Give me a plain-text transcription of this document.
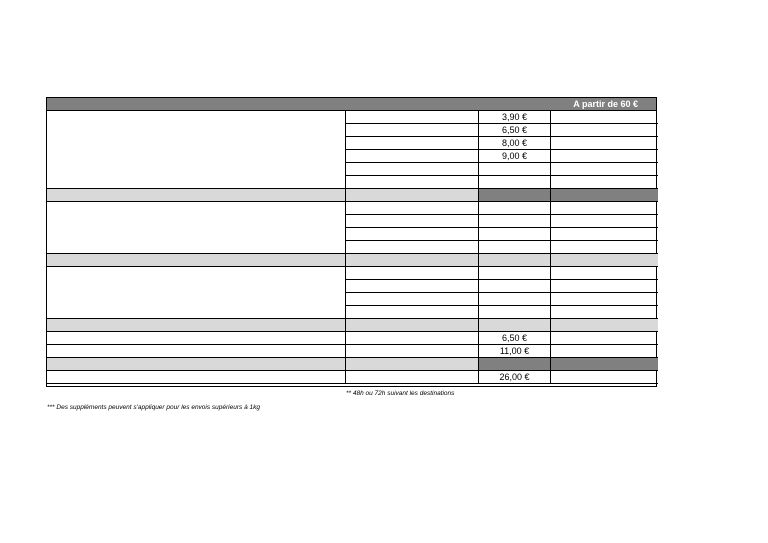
A partir de 60 €
3,90 €
6,50 €
8,00 €
9,00 €
6,50 €
11,00 €
26,00 €
** 48h ou 72h suivant les destinations
*** Des suppléments peuvent s'appliquer pour les envois supérieurs à 1kg
